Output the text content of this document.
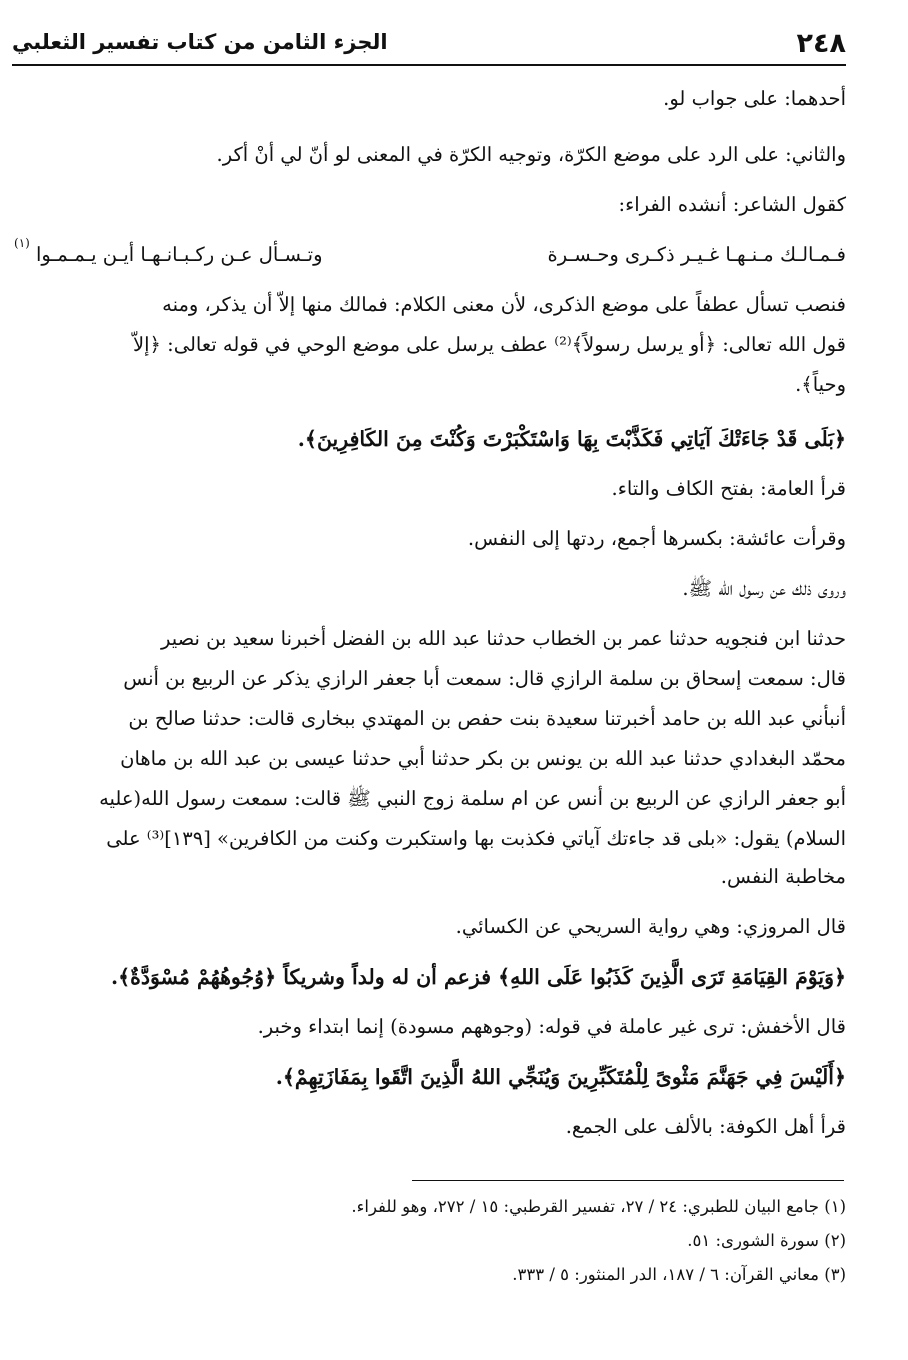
٢٤٨
الجزء الثامن من كتاب تفسير الثعلبي
أحدهما: على جواب لو.
والثاني: على الرد على موضع الكرّة، وتوجيه الكرّة في المعنى لو أنّ لي أنْ أكر.
كقول الشاعر: أنشده الفراء:
فـمـالـك مـنـهـا غـيـر ذكـرى وحـسـرة
وتـسـأل عـن ركـبـانـهـا أيـن يـمـمـوا
(١)
فنصب تسأل عطفاً على موضع الذكرى، لأن معنى الكلام: فمالك منها إلاّ أن يذكر، ومنه
قول الله تعالى: ﴿أو يرسل رسولاً﴾⁽²⁾ عطف يرسل على موضع الوحي في قوله تعالى: ﴿إلاّ
وحياً﴾.
﴿بَلَى قَدْ جَاءَتْكَ آيَاتِي فَكَذَّبْتَ بِهَا وَاسْتَكْبَرْتَ وَكُنْتَ مِنَ الكَافِرِينَ﴾.
قرأ العامة: بفتح الكاف والتاء.
وقرأت عائشة: بكسرها أجمع، ردتها إلى النفس.
وروى ذلك عن رسول الله ﷺ.
حدثنا ابن فنجويه حدثنا عمر بن الخطاب حدثنا عبد الله بن الفضل أخبرنا سعيد بن نصير
قال: سمعت إسحاق بن سلمة الرازي قال: سمعت أبا جعفر الرازي يذكر عن الربيع بن أنس
أنبأني عبد الله بن حامد أخبرتنا سعيدة بنت حفص بن المهتدي ببخارى قالت: حدثنا صالح بن
محمّد البغدادي حدثنا عبد الله بن يونس بن بكر حدثنا أبي حدثنا عيسى بن عبد الله بن ماهان
أبو جعفر الرازي عن الربيع بن أنس عن ام سلمة زوج النبي ﷺ قالت: سمعت رسول الله(عليه
السلام) يقول: «بلى قد جاءتك آياتي فكذبت بها واستكبرت وكنت من الكافرين» [١٣٩]⁽³⁾ على
مخاطبة النفس.
قال المروزي: وهي رواية السريحي عن الكسائي.
﴿وَيَوْمَ القِيَامَةِ تَرَى الَّذِينَ كَذَبُوا عَلَى اللهِ﴾ فزعم أن له ولداً وشريكاً ﴿وُجُوهُهُمْ مُسْوَدَّةٌ﴾.
قال الأخفش: ترى غير عاملة في قوله: (وجوههم مسودة) إنما ابتداء وخبر.
﴿أَلَيْسَ فِي جَهَنَّمَ مَثْوىً لِلْمُتَكَبِّرِينَ وَيُنَجِّي اللهُ الَّذِينَ اتَّقَوا بِمَفَازَتِهِمْ﴾.
قرأ أهل الكوفة: بالألف على الجمع.
(١) جامع البيان للطبري: ٢٤ / ٢٧، تفسير القرطبي: ١٥ / ٢٧٢، وهو للفراء.
(٢) سورة الشورى: ٥١.
(٣) معاني القرآن: ٦ / ١٨٧، الدر المنثور: ٥ / ٣٣٣.
